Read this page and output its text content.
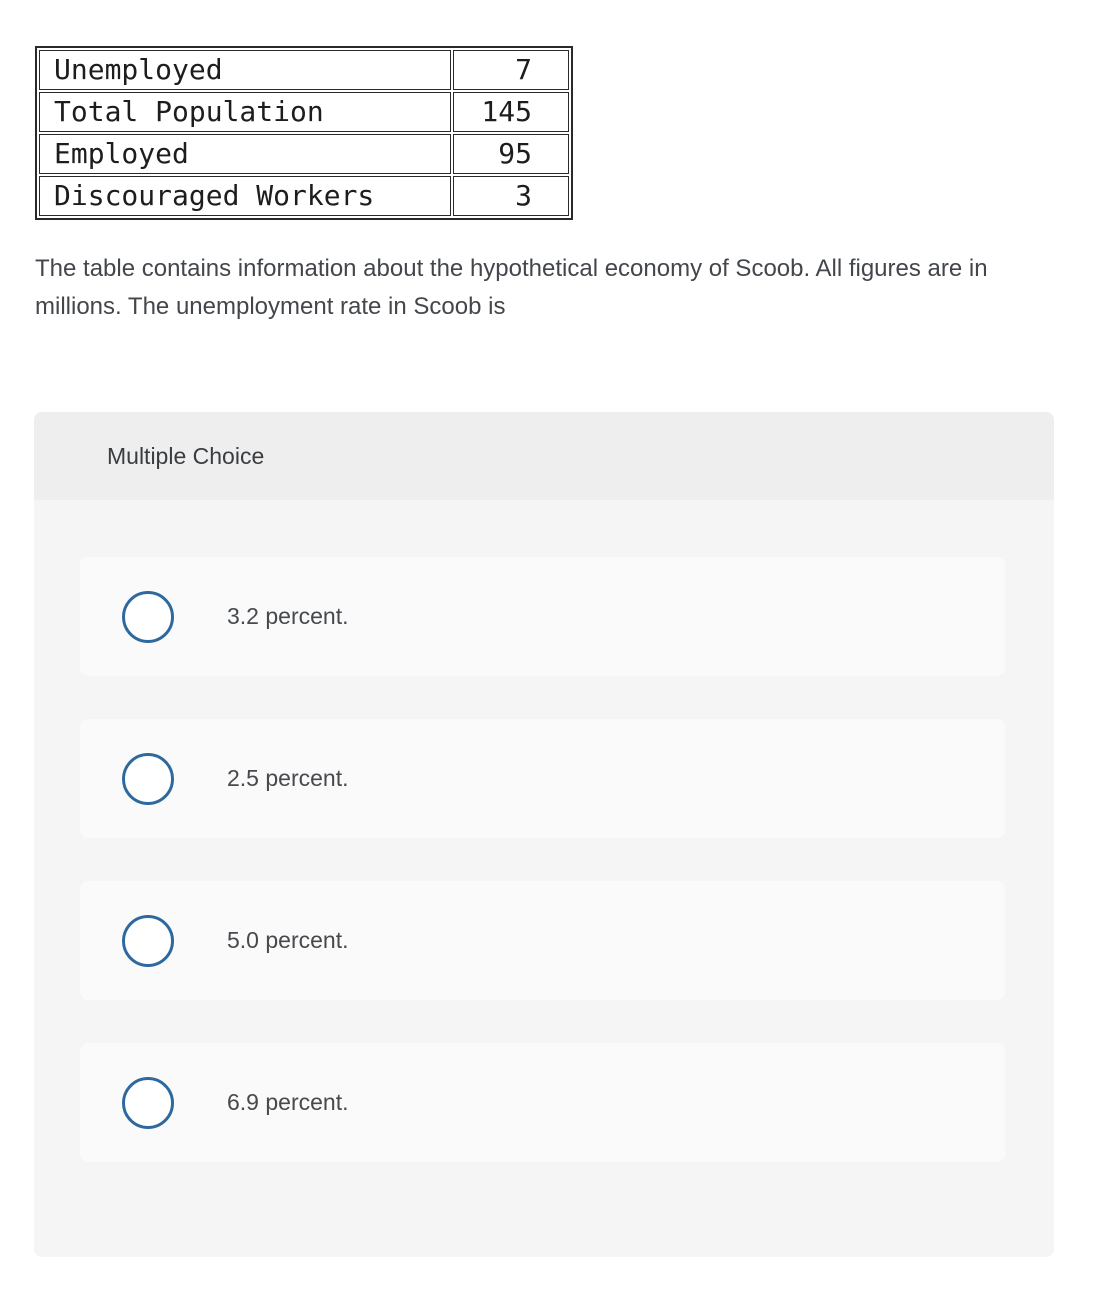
Unemployed	7
Total Population	145
Employed	95
Discouraged Workers	3
The table contains information about the hypothetical economy of Scoob. All figures are in millions. The unemployment rate in Scoob is
Multiple Choice
3.2 percent.
2.5 percent.
5.0 percent.
6.9 percent.
